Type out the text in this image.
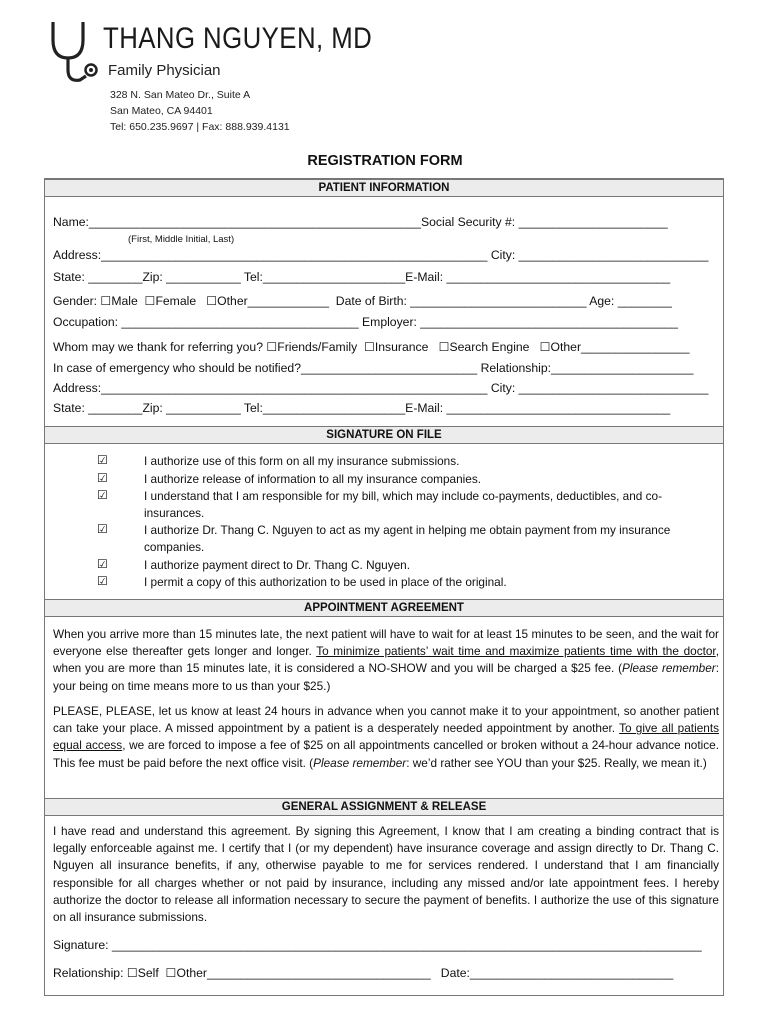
THANG NGUYEN, MD
Family Physician
328 N. San Mateo Dr., Suite A
San Mateo, CA 94401
Tel: 650.235.9697 | Fax: 888.939.4131
REGISTRATION FORM
PATIENT INFORMATION
Name:_________________________________________________Social Security #: ______________________
(First, Middle Initial, Last)
Address:_________________________________________________________ City: ____________________________
State: ________Zip: ___________ Tel:_____________________E-Mail: _________________________________
Gender: ☐Male  ☐Female   ☐Other____________  Date of Birth: __________________________ Age: ________
Occupation: ___________________________________ Employer: ______________________________________
Whom may we thank for referring you? ☐Friends/Family  ☐Insurance   ☐Search Engine   ☐Other________________
In case of emergency who should be notified?__________________________ Relationship:_____________________
Address:_________________________________________________________ City: ____________________________
State: ________Zip: ___________ Tel:_____________________E-Mail: _________________________________
SIGNATURE ON FILE
☑	I authorize use of this form on all my insurance submissions.
☑	I authorize release of information to all my insurance companies.
☑	I understand that I am responsible for my bill, which may include co-payments, deductibles, and co-insurances.
☑	I authorize Dr. Thang C. Nguyen to act as my agent in helping me obtain payment from my insurance companies.
☑	I authorize payment direct to Dr. Thang C. Nguyen.
☑	I permit a copy of this authorization to be used in place of the original.
APPOINTMENT AGREEMENT
When you arrive more than 15 minutes late, the next patient will have to wait for at least 15 minutes to be seen, and the wait for everyone else thereafter gets longer and longer. To minimize patients’ wait time and maximize patients time with the doctor, when you are more than 15 minutes late, it is considered a NO-SHOW and you will be charged a $25 fee. (Please remember: your being on time means more to us than your $25.)
PLEASE, PLEASE, let us know at least 24 hours in advance when you cannot make it to your appointment, so another patient can take your place. A missed appointment by a patient is a desperately needed appointment by another. To give all patients equal access, we are forced to impose a fee of $25 on all appointments cancelled or broken without a 24-hour advance notice. This fee must be paid before the next office visit. (Please remember: we’d rather see YOU than your $25. Really, we mean it.)
GENERAL ASSIGNMENT & RELEASE
I have read and understand this agreement. By signing this Agreement, I know that I am creating a binding contract that is legally enforceable against me. I certify that I (or my dependent) have insurance coverage and assign directly to Dr. Thang C. Nguyen all insurance benefits, if any, otherwise payable to me for services rendered. I understand that I am financially responsible for all charges whether or not paid by insurance, including any missed and/or late appointment fees. I hereby authorize the doctor to release all information necessary to secure the payment of benefits. I authorize the use of this signature on all insurance submissions.
Signature: _______________________________________________________________________________________
Relationship: ☐Self  ☐Other_________________________________   Date:______________________________
